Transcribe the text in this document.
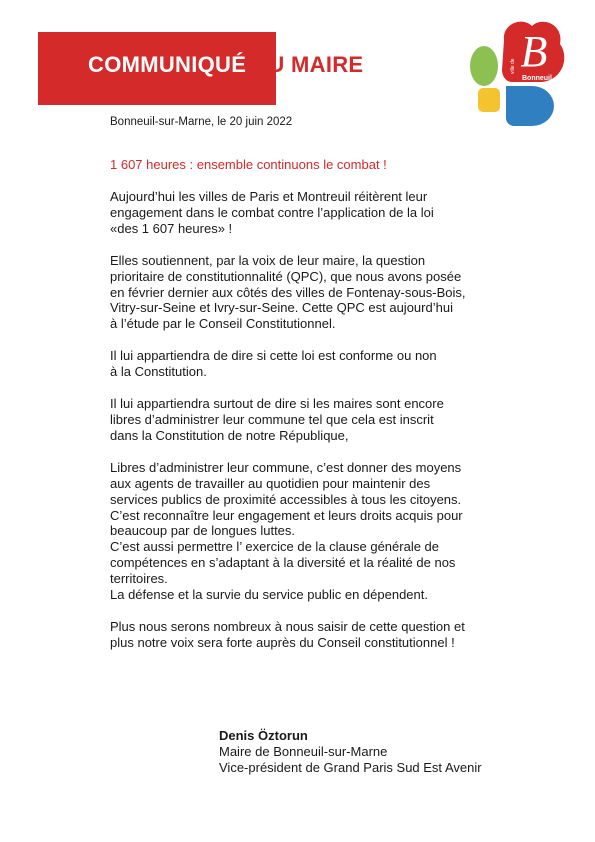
COMMUNIQUÉ DU MAIRE	B
ville de
Bonneuil
sur-Marne
Bonneuil-sur-Marne, le 20 juin 2022

1 607 heures : ensemble continuons le combat !

Aujourd’hui les villes de Paris et Montreuil réitèrent leur
engagement dans le combat contre l’application de la loi
«des 1 607 heures» !

Elles soutiennent, par la voix de leur maire, la question
prioritaire de constitutionnalité (QPC), que nous avons posée
en février dernier aux côtés des villes de Fontenay-sous-Bois,
Vitry-sur-Seine et Ivry-sur-Seine. Cette QPC est aujourd’hui
à l’étude par le Conseil Constitutionnel.

Il lui appartiendra de dire si cette loi est conforme ou non
à la Constitution.

Il lui appartiendra surtout de dire si les maires sont encore
libres d’administrer leur commune tel que cela est inscrit
dans la Constitution de notre République,

Libres d’administrer leur commune, c’est donner des moyens
aux agents de travailler au quotidien pour maintenir des
services publics de proximité accessibles à tous les citoyens.
C’est reconnaître leur engagement et leurs droits acquis pour
beaucoup par de longues luttes.
C’est aussi permettre l’ exercice de la clause générale de
compétences en s’adaptant à la diversité et la réalité de nos
territoires.
La défense et la survie du service public en dépendent.

Plus nous serons nombreux à nous saisir de cette question et
plus notre voix sera forte auprès du Conseil constitutionnel !

Denis Öztorun
Maire de Bonneuil-sur-Marne
Vice-président de Grand Paris Sud Est Avenir
